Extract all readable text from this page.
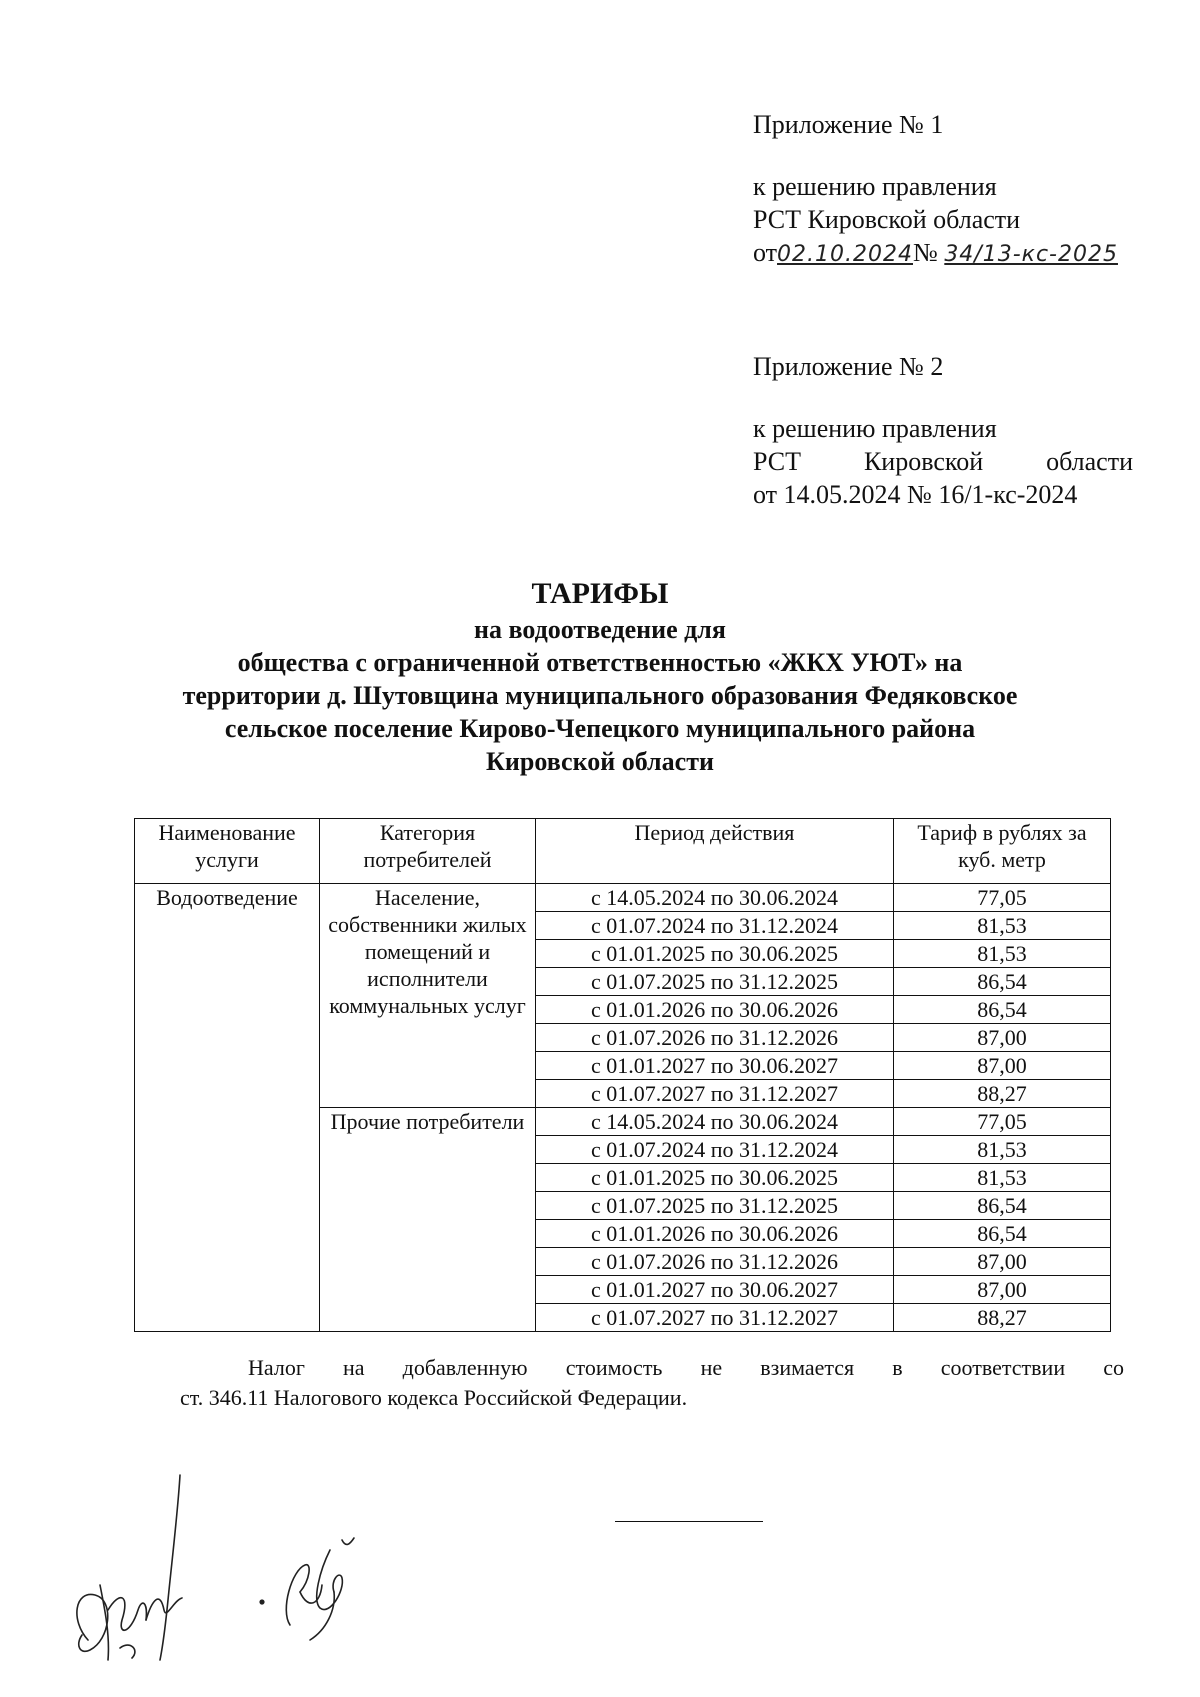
Приложение № 1

к решению правления

РСТ Кировской области

от02.10.2024№ 34/13-кс-2025

Приложение № 2

к решению правления

РСТ Кировской области

от 14.05.2024 № 16/1-кс-2024

ТАРИФЫ

на водоотведение для

общества с ограниченной ответственностью «ЖКХ УЮТ» на

территории д. Шутовщина муниципального образования Федяковское

сельское поселение Кирово-Чепецкого муниципального района

Кировской области

Наименование услуги	Категория потребителей	Период действия	Тариф в рублях за куб. метр
Водоотведение	Население, собственники жилых помещений и исполнители коммунальных услуг	с 14.05.2024 по 30.06.2024	77,05
		с 01.07.2024 по 31.12.2024	81,53
		с 01.01.2025 по 30.06.2025	81,53
		с 01.07.2025 по 31.12.2025	86,54
		с 01.01.2026 по 30.06.2026	86,54
		с 01.07.2026 по 31.12.2026	87,00
		с 01.01.2027 по 30.06.2027	87,00
		с 01.07.2027 по 31.12.2027	88,27
	Прочие потребители	с 14.05.2024 по 30.06.2024	77,05
		с 01.07.2024 по 31.12.2024	81,53
		с 01.01.2025 по 30.06.2025	81,53
		с 01.07.2025 по 31.12.2025	86,54
		с 01.01.2026 по 30.06.2026	86,54
		с 01.07.2026 по 31.12.2026	87,00
		с 01.01.2027 по 30.06.2027	87,00
		с 01.07.2027 по 31.12.2027	88,27

Налог на добавленную стоимость не взимается в соответствии со

ст. 346.11 Налогового кодекса Российской Федерации.
